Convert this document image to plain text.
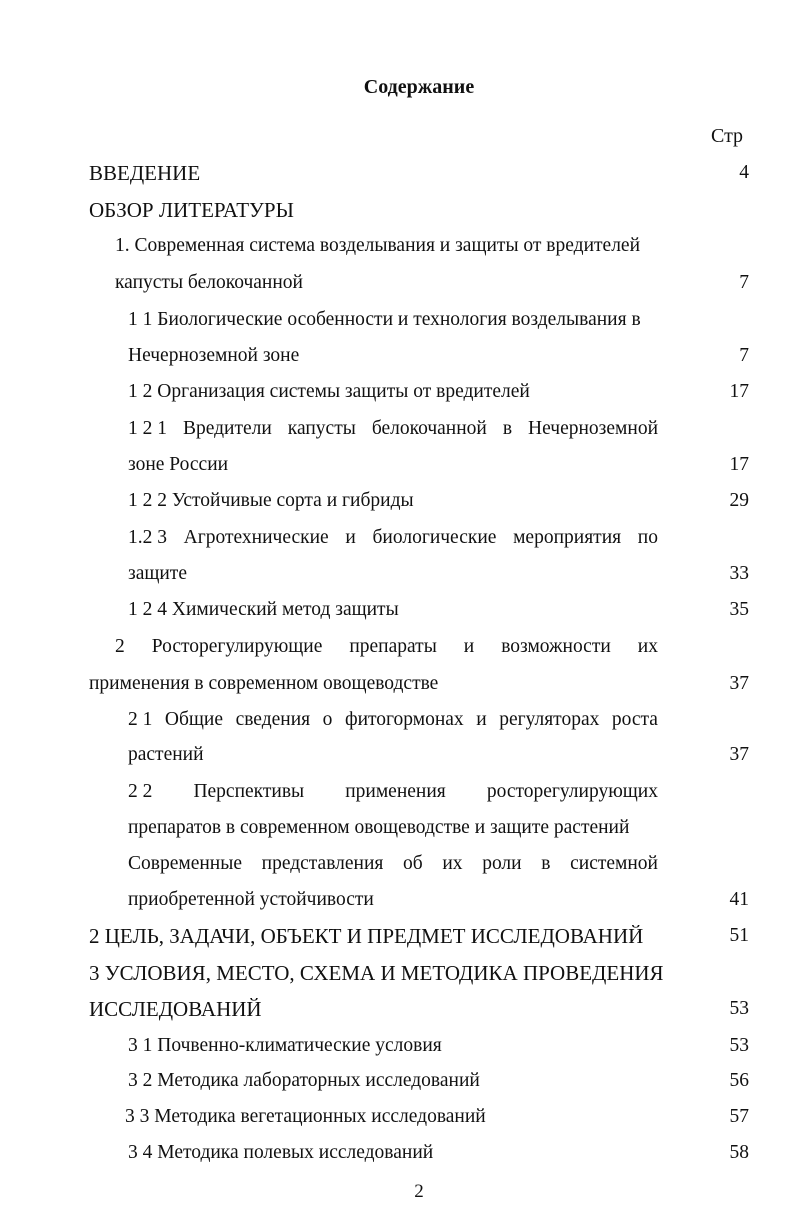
Содержание
Стр
ВВЕДЕНИЕ	4
ОБЗОР ЛИТЕРАТУРЫ
1. Современная система возделывания и защиты от вредителей
капусты белокочанной	7
1 1 Биологические особенности и технология возделывания в
Нечерноземной зоне	7
1 2 Организация системы защиты от вредителей	17
1 2 1 Вредители капусты белокочанной в Нечерноземной
зоне России	17
1 2 2 Устойчивые сорта и гибриды	29
1.2 3 Агротехнические и биологические мероприятия по
защите	33
1 2 4 Химический метод защиты	35
2 Росторегулирующие препараты и возможности их
применения в современном овощеводстве	37
2 1 Общие сведения о фитогормонах и регуляторах роста
растений	37
2 2 Перспективы применения росторегулирующих
препаратов в современном овощеводстве и защите растений
Современные представления об их роли в системной
приобретенной устойчивости	41
2 ЦЕЛЬ, ЗАДАЧИ, ОБЪЕКТ И ПРЕДМЕТ ИССЛЕДОВАНИЙ	51
3 УСЛОВИЯ, МЕСТО, СХЕМА И МЕТОДИКА ПРОВЕДЕНИЯ
ИССЛЕДОВАНИЙ	53
3 1 Почвенно-климатические условия	53
3 2 Методика лабораторных исследований	56
3 3 Методика вегетационных исследований	57
3 4 Методика полевых исследований	58
2
